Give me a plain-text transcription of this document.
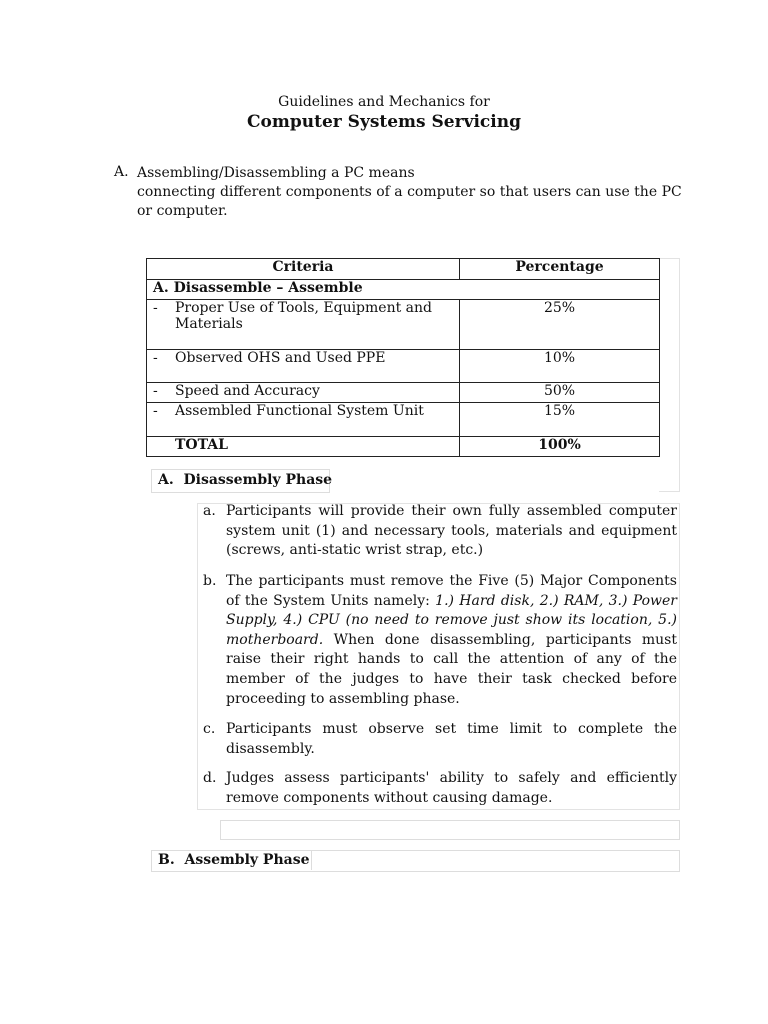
Guidelines and Mechanics for
Computer Systems Servicing
A. Assembling/Disassembling a PC means
connecting different components of a computer so that users can use the PC or computer.
Criteria	Percentage
A. Disassemble – Assemble	
- Proper Use of Tools, Equipment and Materials	25%
- Observed OHS and Used PPE	10%
- Speed and Accuracy	50%
- Assembled Functional System Unit	15%
TOTAL	100%
A.  Disassembly Phase
a. Participants will provide their own fully assembled computer system unit (1) and necessary tools, materials and equipment (screws, anti-static wrist strap, etc.)
b. The participants must remove the Five (5) Major Components of the System Units namely: 1.) Hard disk, 2.) RAM, 3.) Power Supply, 4.) CPU (no need to remove just show its location, 5.) motherboard. When done disassembling, participants must raise their right hands to call the attention of any of the member of the judges to have their task checked before proceeding to assembling phase.
c. Participants must observe set time limit to complete the disassembly.
d. Judges assess participants' ability to safely and efficiently remove components without causing damage.
B.  Assembly Phase
